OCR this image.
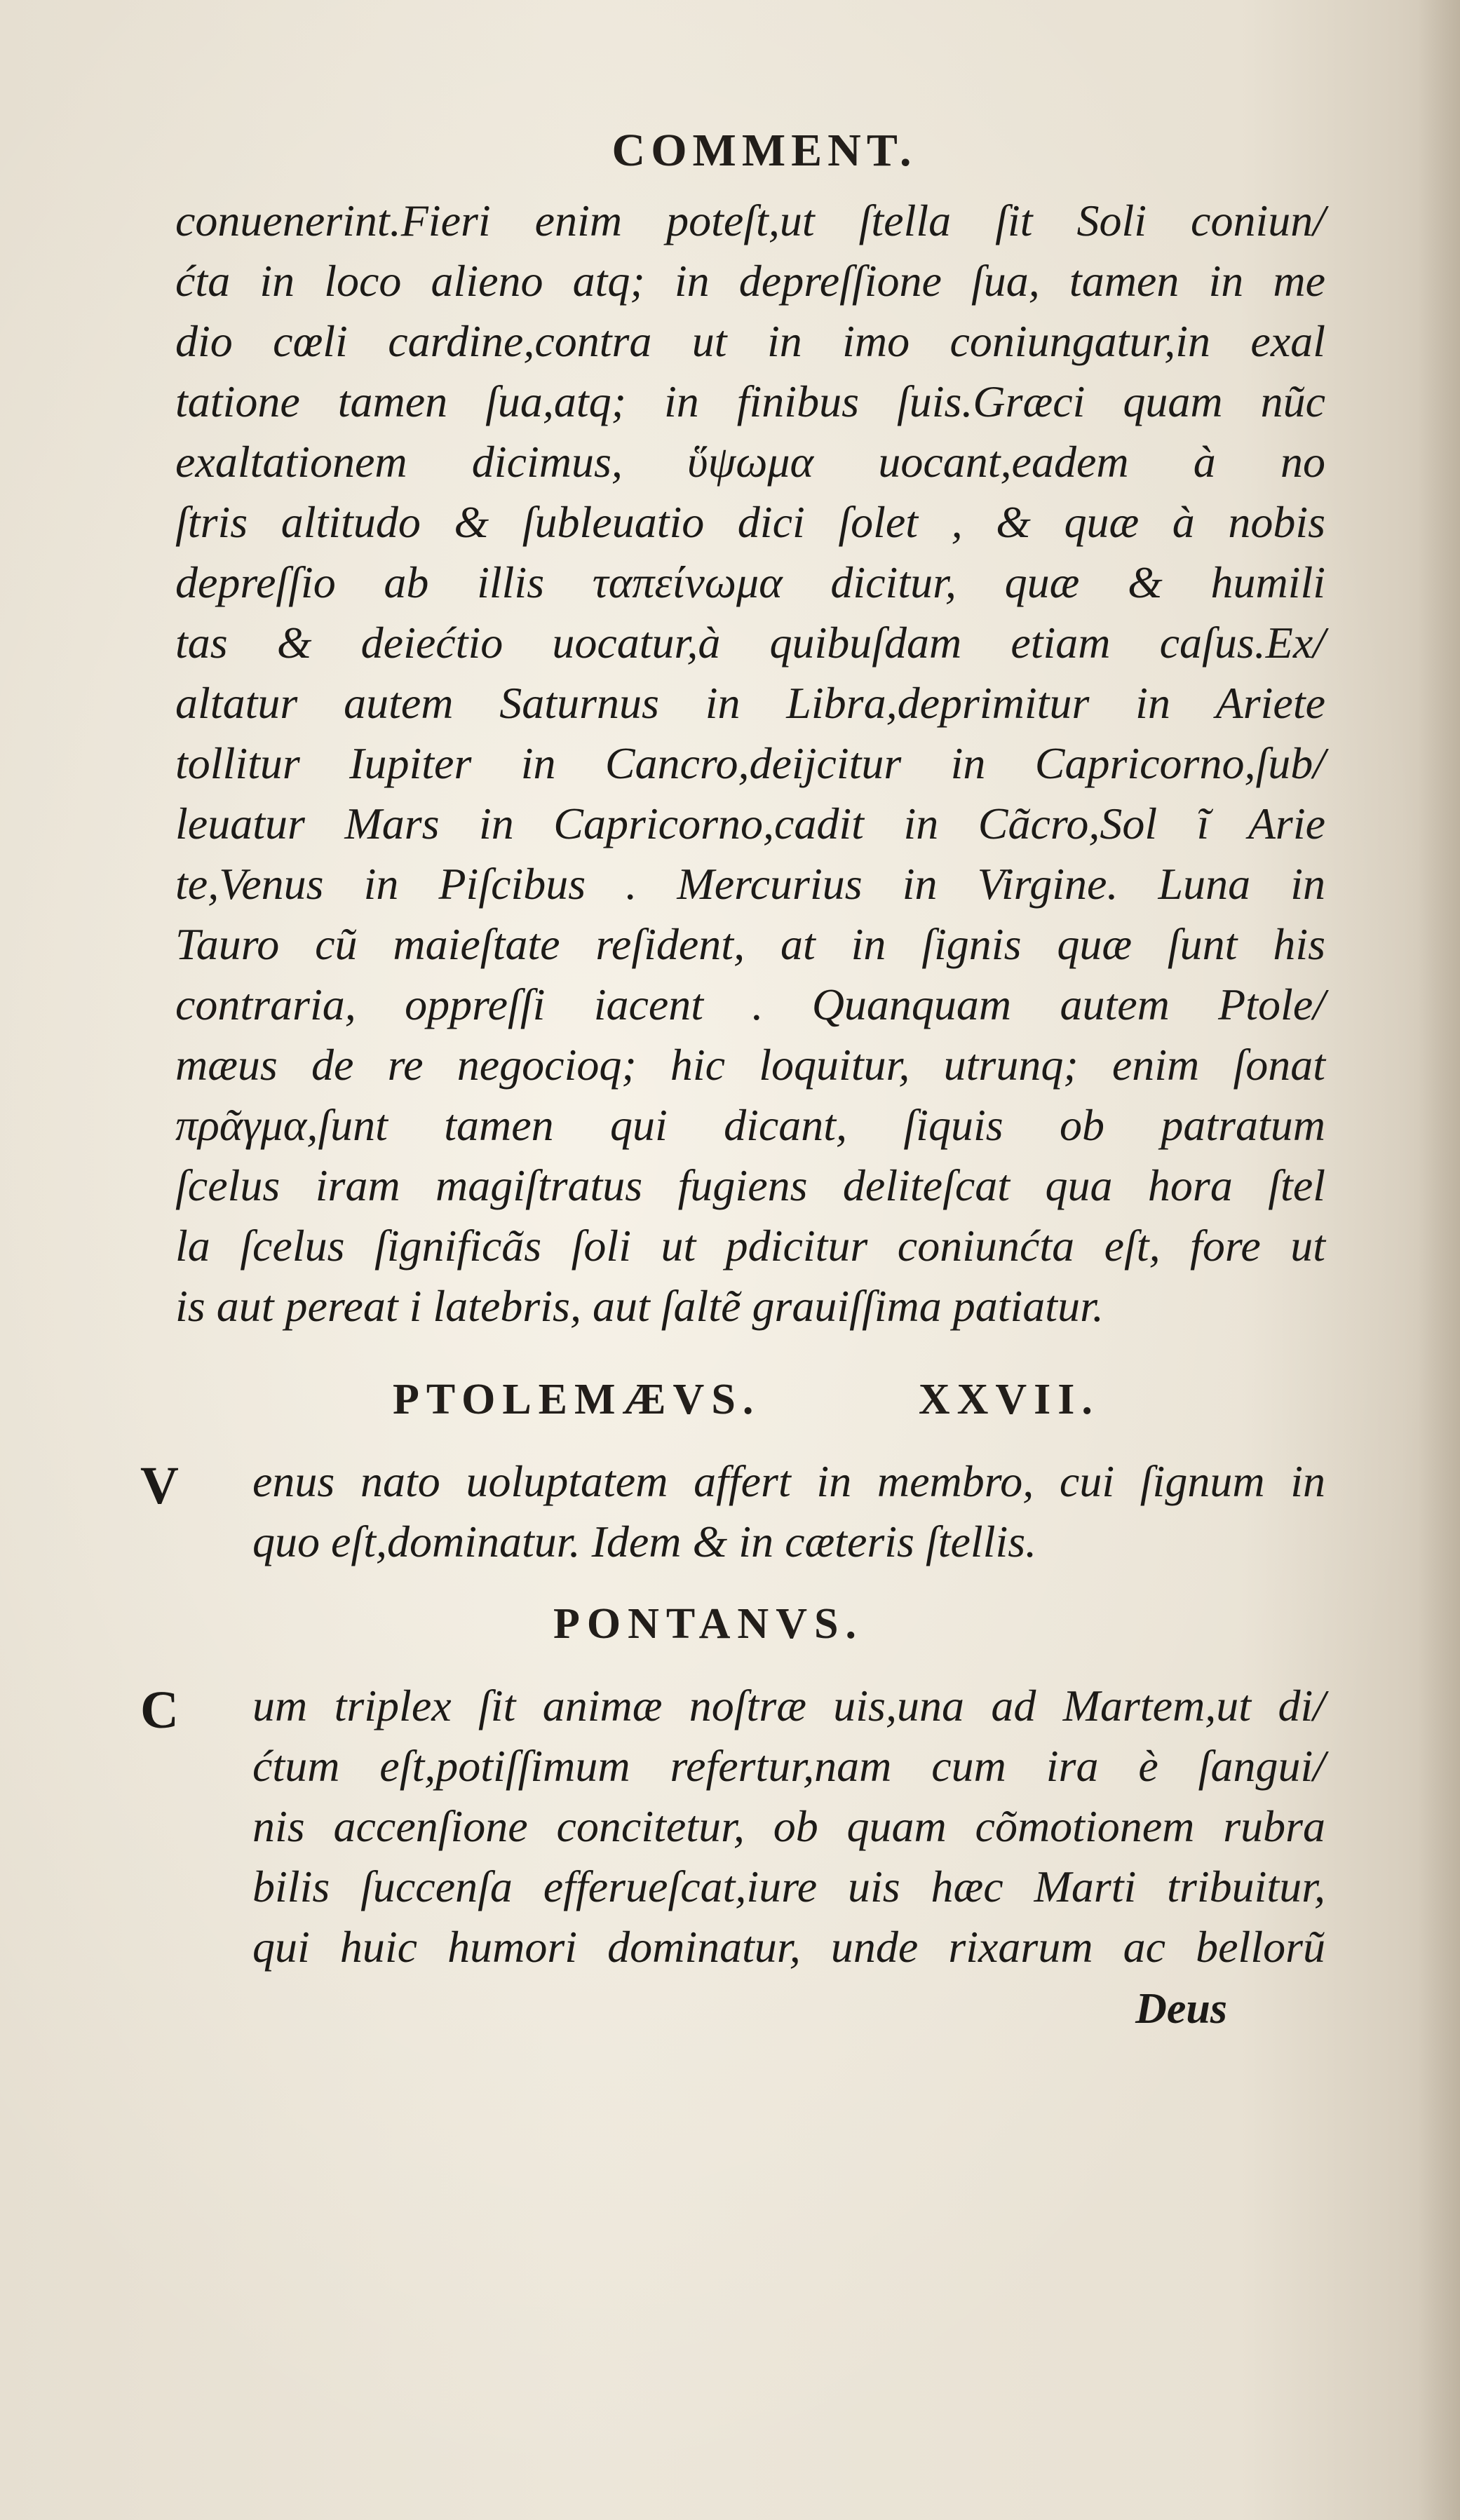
COMMENT.
conuenerint.Fieri enim poteſt,ut ſtella ſit Soli coniun/
ćta in loco alieno atq; in depreſſione ſua, tamen in me
dio cœli cardine,contra ut in imo coniungatur,in exal
tatione tamen ſua,atq; in finibus ſuis.Græci quam nũc
exaltationem dicimus, ὕψωμα uocant,eadem à no
ſtris altitudo & ſubleuatio dici ſolet , & quæ à nobis
depreſſio ab illis ταπείνωμα dicitur, quæ & humili
tas & deiećtio uocatur,à quibuſdam etiam caſus.Ex/
altatur autem Saturnus in Libra,deprimitur in Ariete
tollitur Iupiter in Cancro,deijcitur in Capricorno,ſub/
leuatur Mars in Capricorno,cadit in Cãcro,Sol ĩ Arie
te,Venus in Piſcibus . Mercurius in Virgine. Luna in
Tauro cũ maieſtate reſident, at in ſignis quæ ſunt his
contraria, oppreſſi iacent . Quanquam autem Ptole/
mæus de re negocioq; hic loquitur, utrunq; enim ſonat
πρᾶγμα,ſunt tamen qui dicant, ſiquis ob patratum
ſcelus iram magiſtratus fugiens deliteſcat qua hora ſtel
la ſcelus ſignificãs ſoli ut pdicitur coniunćta eſt, fore ut
is aut pereat i latebris, aut ſaltẽ grauiſſima patiatur.
PTOLEMÆVS.	XXVII.
V	enus nato uoluptatem affert in membro, cui ſignum in
quo eſt,dominatur. Idem & in cæteris ſtellis.
PONTANVS.
C	um triplex ſit animæ noſtræ uis,una ad Martem,ut di/
ćtum eſt,potiſſimum refertur,nam cum ira è ſangui/
nis accenſione concitetur, ob quam cõmotionem rubra
bilis ſuccenſa efferueſcat,iure uis hæc Marti tribuitur,
qui huic humori dominatur, unde rixarum ac bellorũ
Deus
